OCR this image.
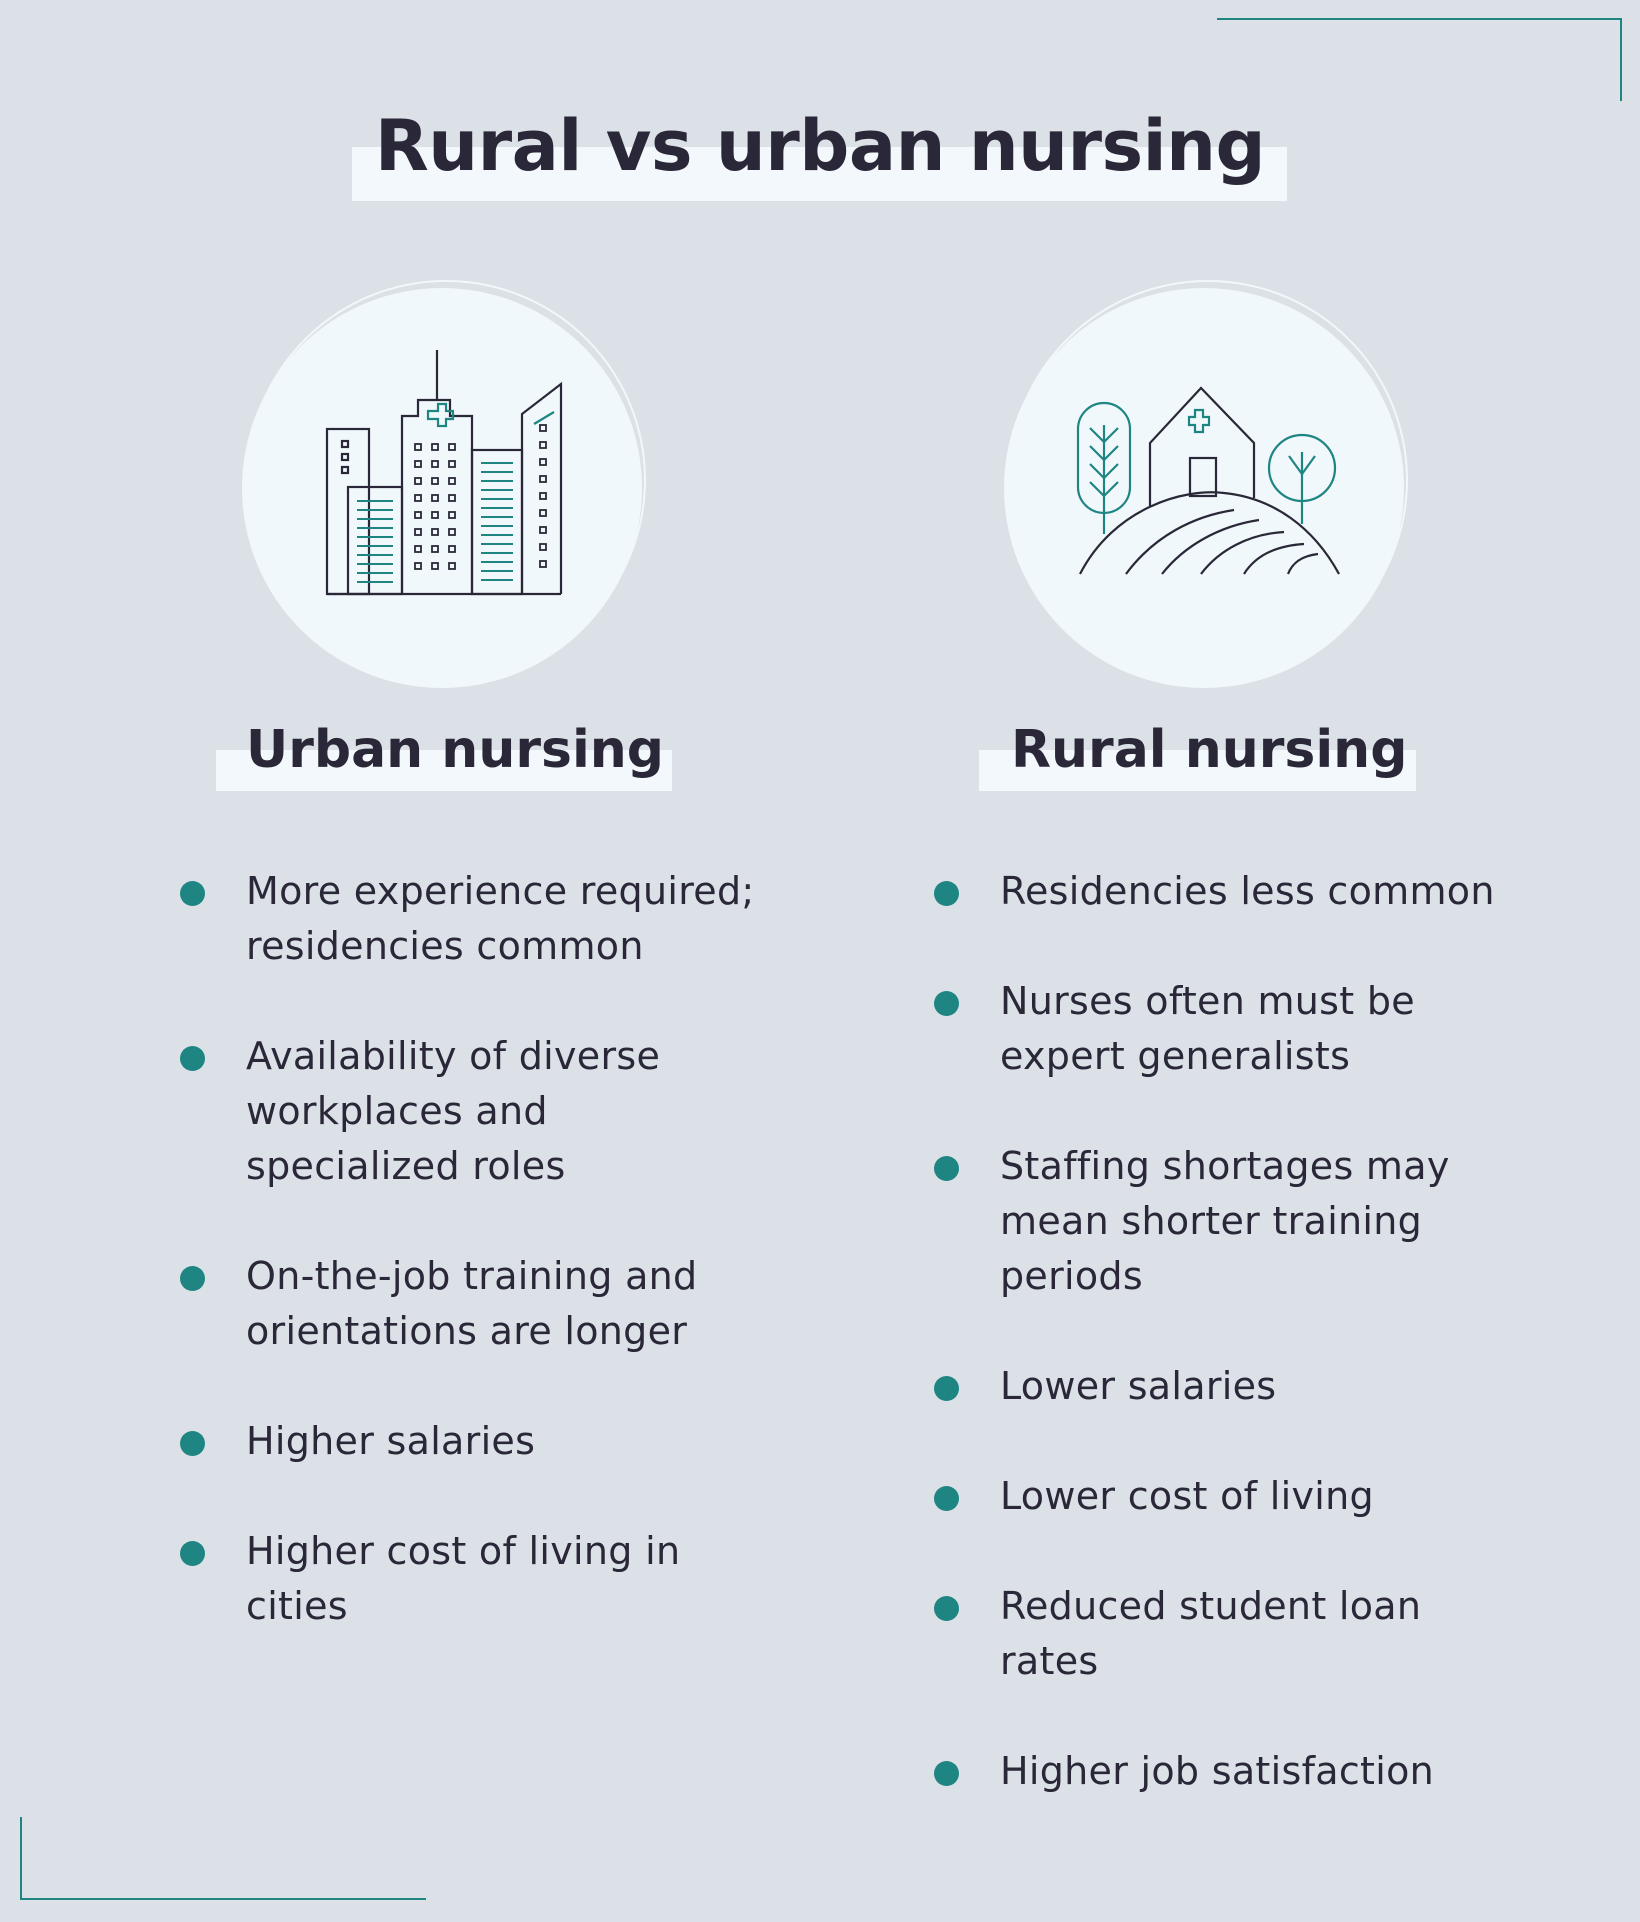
Rural vs urban nursing
Urban nursing	Rural nursing
More experience required; residencies common
Availability of diverse workplaces and specialized roles
On-the-job training and orientations are longer
Higher salaries
Higher cost of living in cities
Residencies less common
Nurses often must be expert generalists
Staffing shortages may mean shorter training periods
Lower salaries
Lower cost of living
Reduced student loan rates
Higher job satisfaction
